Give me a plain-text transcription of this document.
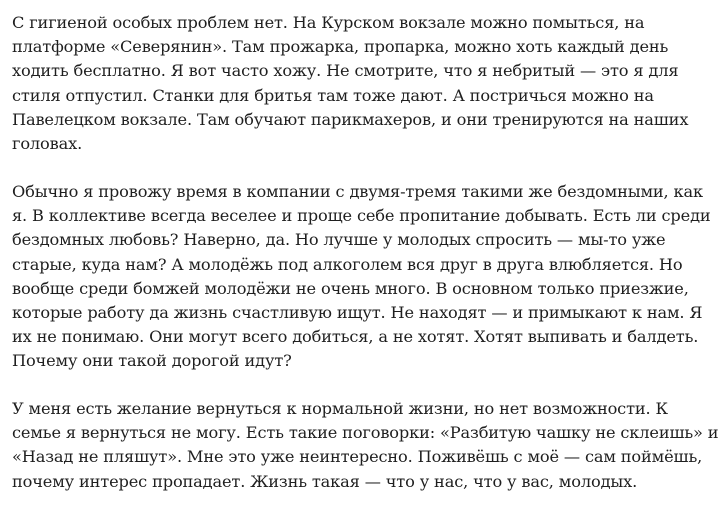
С гигиеной особых проблем нет. На Курском вокзале можно помыться, на
платформе «Северянин». Там прожарка, пропарка, можно хоть каждый день
ходить бесплатно. Я вот часто хожу. Не смотрите, что я небритый — это я для
стиля отпустил. Станки для бритья там тоже дают. А постричься можно на
Павелецком вокзале. Там обучают парикмахеров, и они тренируются на наших
головах.
Обычно я провожу время в компании с двумя-тремя такими же бездомными, как
я. В коллективе всегда веселее и проще себе пропитание добывать. Есть ли среди
бездомных любовь? Наверно, да. Но лучше у молодых спросить — мы-то уже
старые, куда нам? А молодёжь под алкоголем вся друг в друга влюбляется. Но
вообще среди бомжей молодёжи не очень много. В основном только приезжие,
которые работу да жизнь счастливую ищут. Не находят — и примыкают к нам. Я
их не понимаю. Они могут всего добиться, а не хотят. Хотят выпивать и балдеть.
Почему они такой дорогой идут?
У меня есть желание вернуться к нормальной жизни, но нет возможности. К
семье я вернуться не могу. Есть такие поговорки: «Разбитую чашку не склеишь» и
«Назад не пляшут». Мне это уже неинтересно. Поживёшь с моё — сам поймёшь,
почему интерес пропадает. Жизнь такая — что у нас, что у вас, молодых.
